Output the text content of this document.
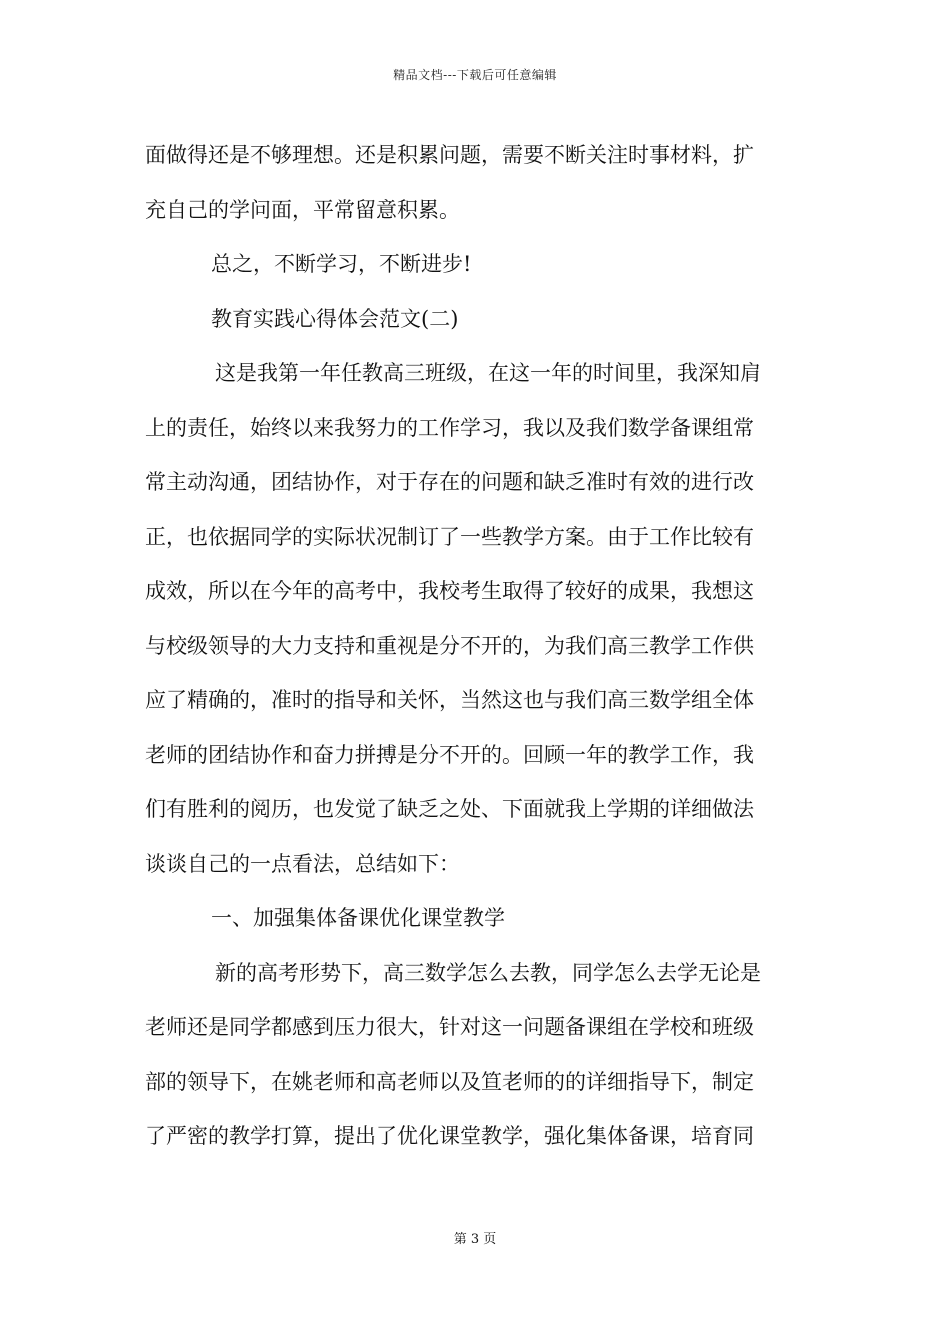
精品文档---下载后可任意编辑
面做得还是不够理想。还是积累问题，需要不断关注时事材料，扩
充自己的学问面，平常留意积累。
总之，不断学习，不断进步!
教育实践心得体会范文(二)
这是我第一年任教高三班级，在这一年的时间里，我深知肩
上的责任，始终以来我努力的工作学习，我以及我们数学备课组常
常主动沟通，团结协作，对于存在的问题和缺乏准时有效的进行改
正，也依据同学的实际状况制订了一些教学方案。由于工作比较有
成效，所以在今年的高考中，我校考生取得了较好的成果，我想这
与校级领导的大力支持和重视是分不开的，为我们高三教学工作供
应了精确的，准时的指导和关怀，当然这也与我们高三数学组全体
老师的团结协作和奋力拼搏是分不开的。回顾一年的教学工作，我
们有胜利的阅历，也发觉了缺乏之处、下面就我上学期的详细做法
谈谈自己的一点看法，总结如下：
一、加强集体备课优化课堂教学
新的高考形势下，高三数学怎么去教，同学怎么去学无论是
老师还是同学都感到压力很大，针对这一问题备课组在学校和班级
部的领导下，在姚老师和高老师以及笪老师的的详细指导下，制定
了严密的教学打算，提出了优化课堂教学，强化集体备课，培育同
第 3 页
